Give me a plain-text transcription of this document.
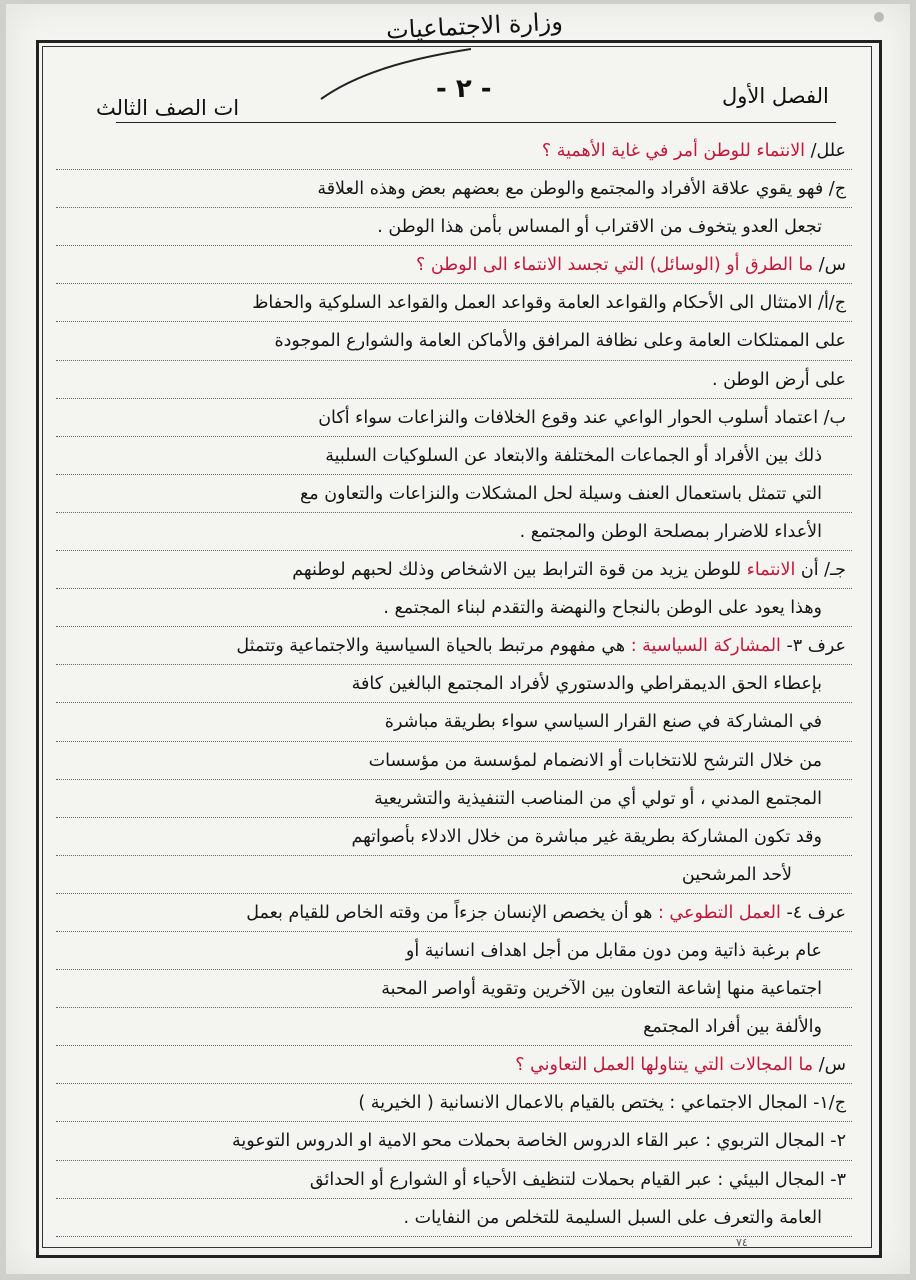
وزارة الاجتماعيات
- ٢ -	الفصل الأول
ات الصف الثالث
علل/ الانتماء للوطن أمر في غاية الأهمية ؟
ج/ فهو يقوي علاقة الأفراد والمجتمع والوطن مع بعضهم بعض وهذه العلاقة
تجعل العدو يتخوف من الاقتراب أو المساس بأمن هذا الوطن .
س/ ما الطرق أو (الوسائل) التي تجسد الانتماء الى الوطن ؟
ج/أ/ الامتثال الى الأحكام والقواعد العامة وقواعد العمل والقواعد السلوكية والحفاظ
على الممتلكات العامة وعلى نظافة المرافق والأماكن العامة والشوارع الموجودة
على أرض الوطن .
ب/ اعتماد أسلوب الحوار الواعي عند وقوع الخلافات والنزاعات سواء أكان
ذلك بين الأفراد أو الجماعات المختلفة والابتعاد عن السلوكيات السلبية
التي تتمثل باستعمال العنف وسيلة لحل المشكلات والنزاعات والتعاون مع
الأعداء للاضرار بمصلحة الوطن والمجتمع .
جـ/ أن الانتماء للوطن يزيد من قوة الترابط بين الاشخاص وذلك لحبهم لوطنهم
وهذا يعود على الوطن بالنجاح والنهضة والتقدم لبناء المجتمع .
عرف ٣- المشاركة السياسية : هي مفهوم مرتبط بالحياة السياسية والاجتماعية وتتمثل
بإعطاء الحق الديمقراطي والدستوري لأفراد المجتمع البالغين كافة
في المشاركة في صنع القرار السياسي سواء بطريقة مباشرة
من خلال الترشح للانتخابات أو الانضمام لمؤسسة من مؤسسات
المجتمع المدني ، أو تولي أي من المناصب التنفيذية والتشريعية
وقد تكون المشاركة بطريقة غير مباشرة من خلال الادلاء بأصواتهم
لأحد المرشحين
عرف ٤- العمل التطوعي : هو أن يخصص الإنسان جزءاً من وقته الخاص للقيام بعمل
عام برغبة ذاتية ومن دون مقابل من أجل اهداف انسانية أو
اجتماعية منها إشاعة التعاون بين الآخرين وتقوية أواصر المحبة
والألفة بين أفراد المجتمع
س/ ما المجالات التي يتناولها العمل التعاوني ؟
ج/١- المجال الاجتماعي : يختص بالقيام بالاعمال الانسانية ( الخيرية )
٢- المجال التربوي : عبر القاء الدروس الخاصة بحملات محو الامية او الدروس التوعوية
٣- المجال البيئي : عبر القيام بحملات لتنظيف الأحياء أو الشوارع أو الحدائق
العامة والتعرف على السبل السليمة للتخلص من النفايات .
٧٤
